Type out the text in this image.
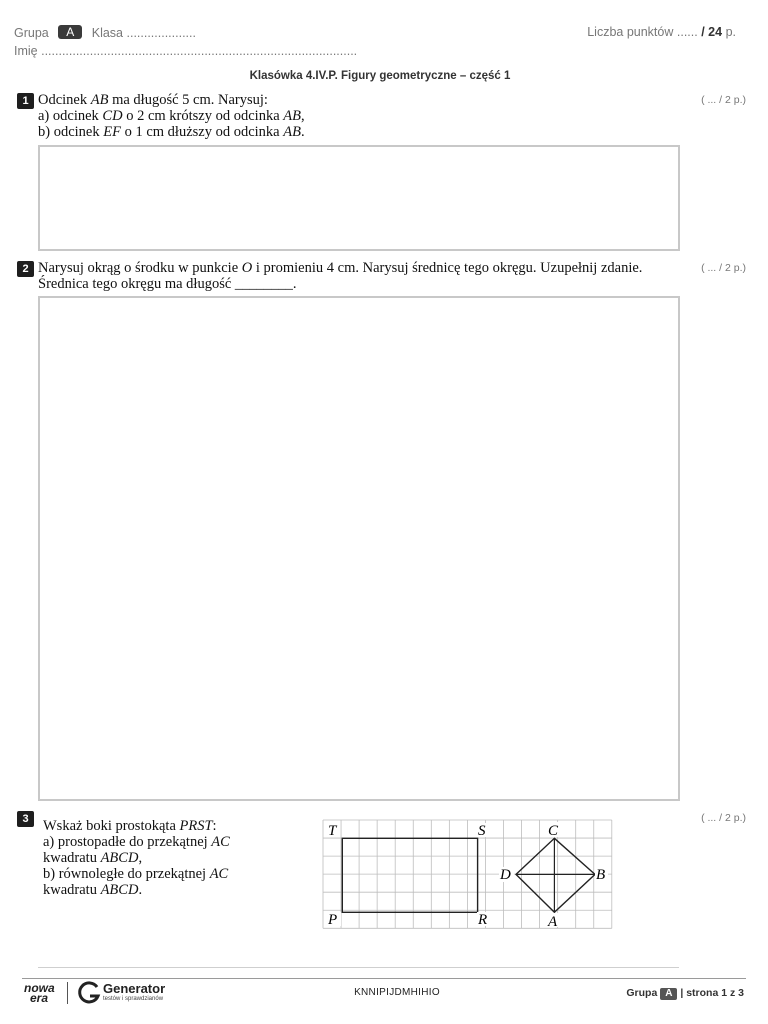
Grupa A Klasa ....................
Imię ...........................................................................................
Liczba punktów ...... / 24 p.
Klasówka 4.IV.P. Figury geometryczne – część 1
1 Odcinek AB ma długość 5 cm. Narysuj:
a) odcinek CD o 2 cm krótszy od odcinka AB,
b) odcinek EF o 1 cm dłuższy od odcinka AB.
( ... / 2 p.)
2 Narysuj okrąg o środku w punkcie O i promieniu 4 cm. Narysuj średnicę tego okręgu. Uzupełnij zdanie.
Średnica tego okręgu ma długość ________.
( ... / 2 p.)
3 Wskaż boki prostokąta PRST:
a) prostopadłe do przekątnej AC
kwadratu ABCD,
b) równoległe do przekątnej AC
kwadratu ABCD.
( ... / 2 p.)
T	S	C
D	B
P	R	A
nowa
era
Generator
testów i sprawdzianów
KNNIPIJDMHIHIO	Grupa A | strona 1 z 3
